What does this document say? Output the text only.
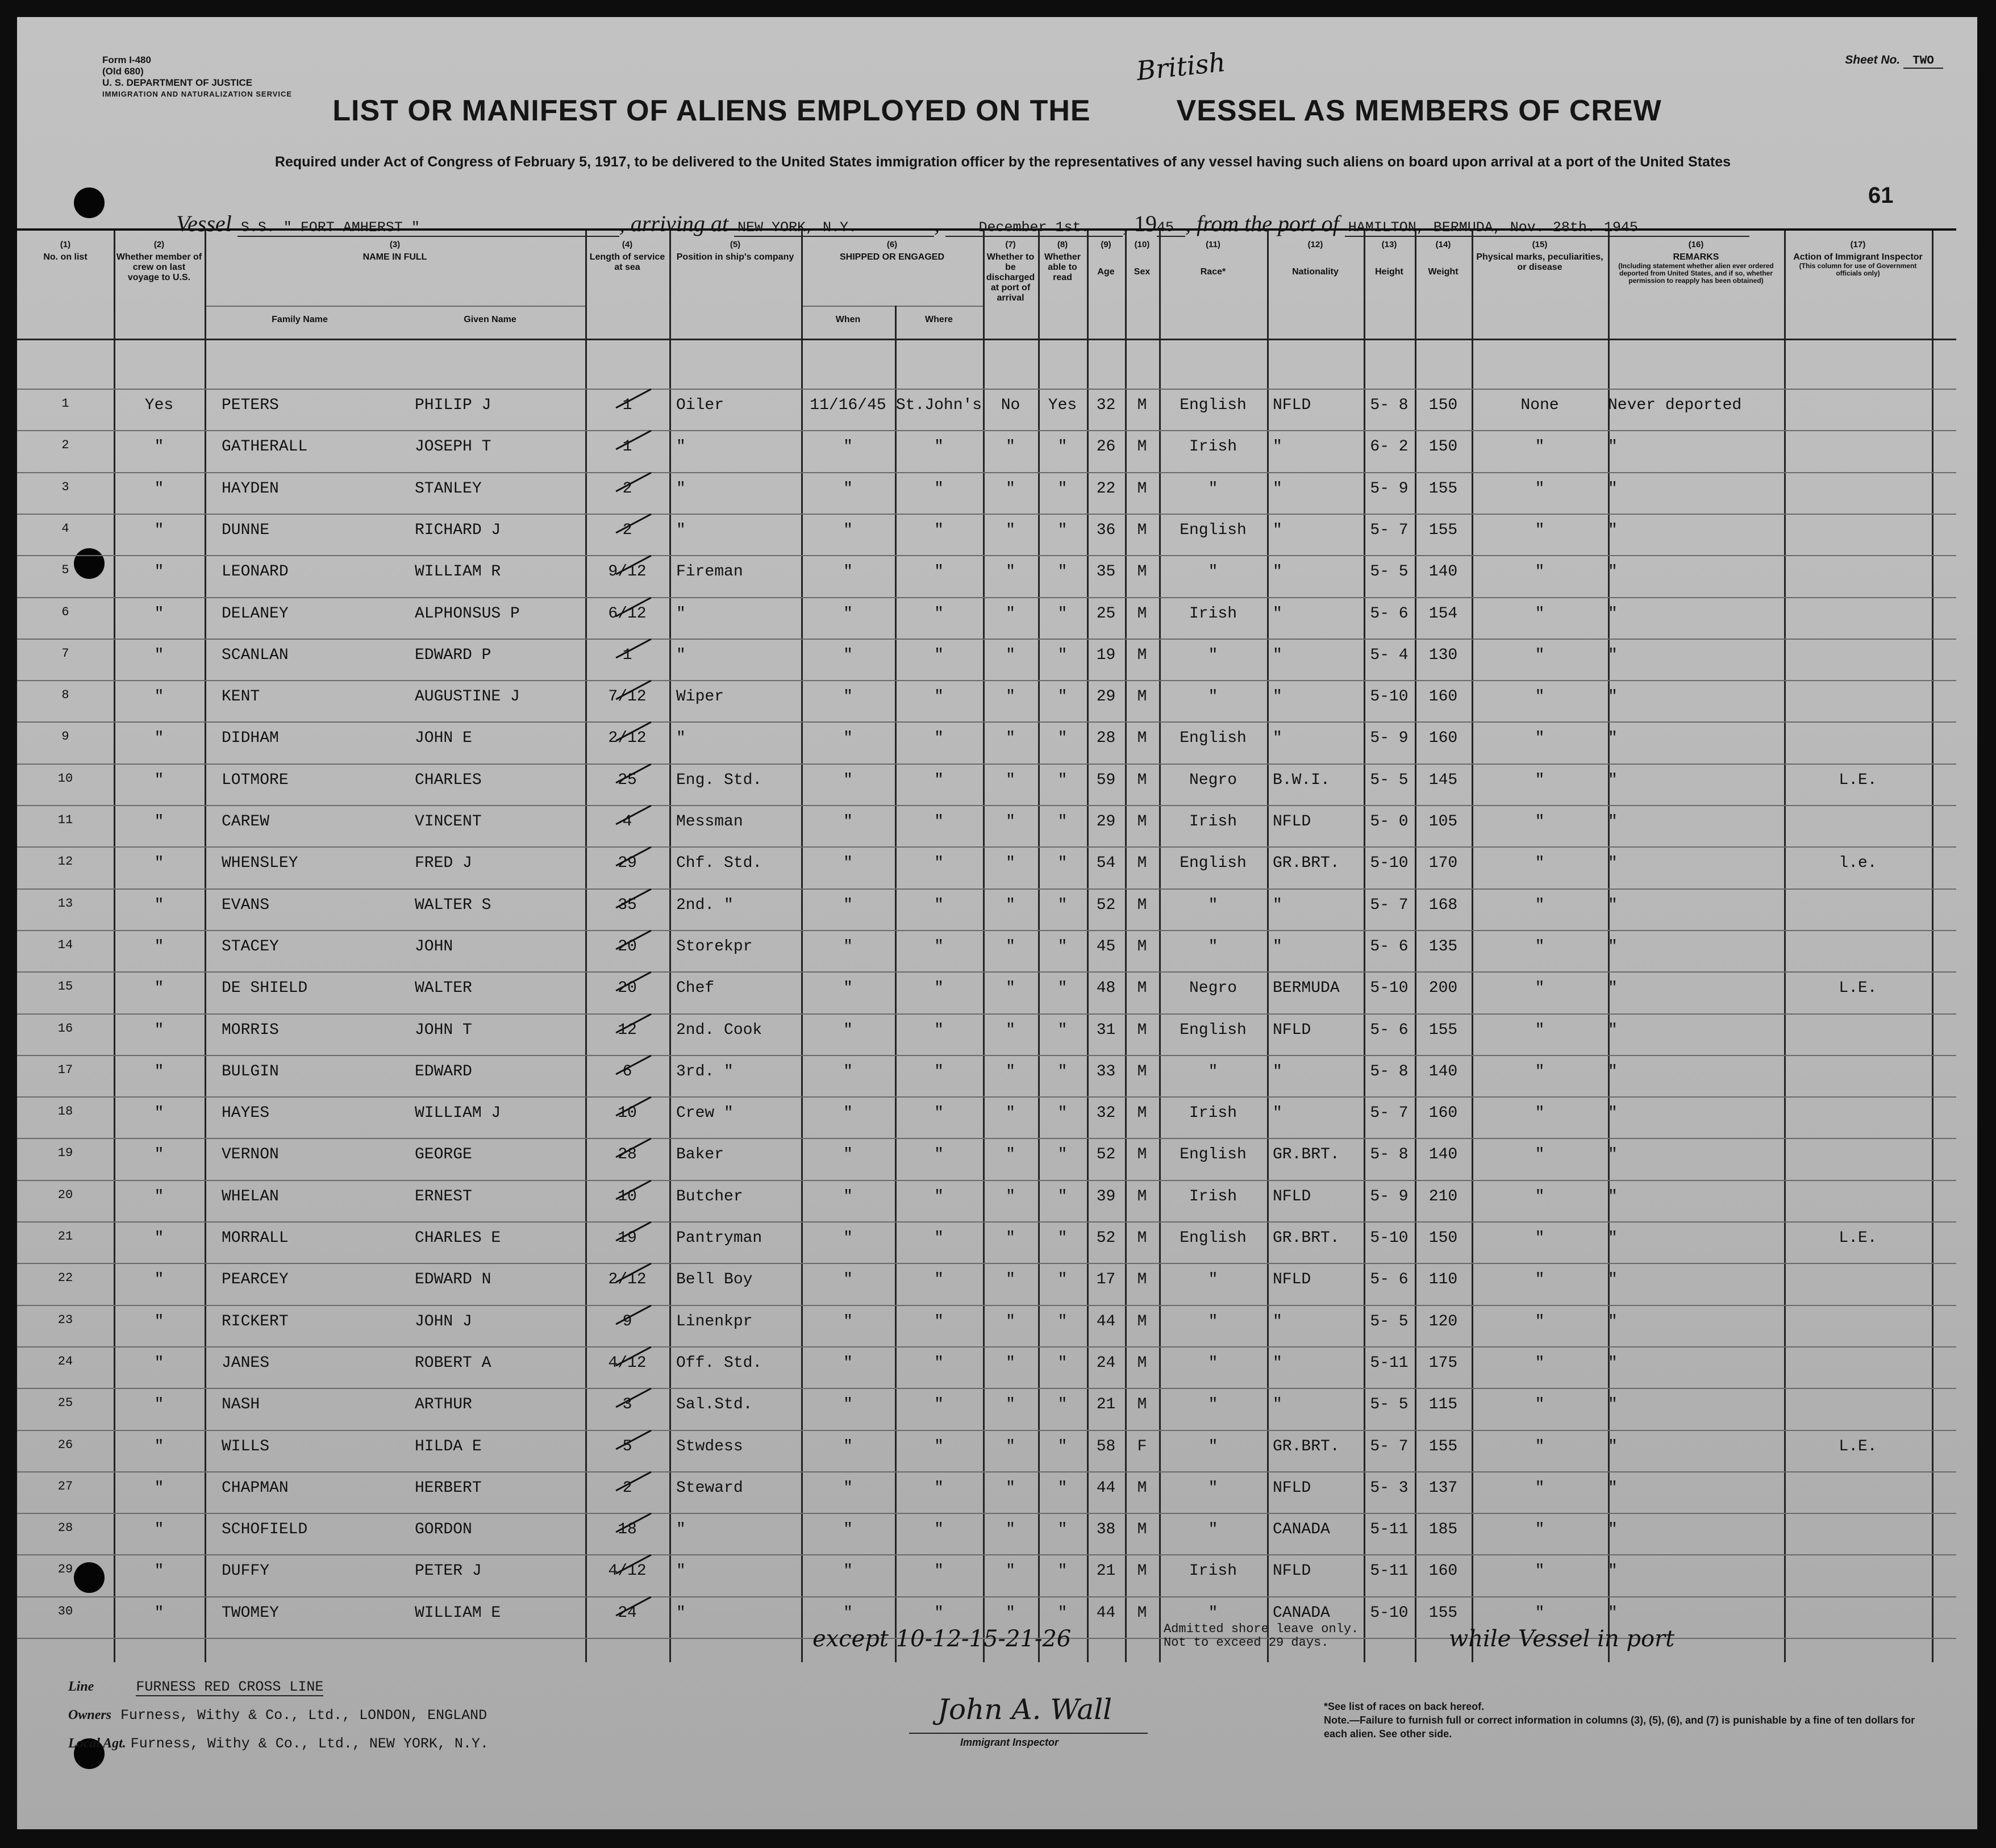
Form I-480
(Old 680)
U. S. DEPARTMENT OF JUSTICE
IMMIGRATION AND NATURALIZATION SERVICE
Sheet No. TWO
LIST OR MANIFEST OF ALIENS EMPLOYED ON THE	VESSEL AS MEMBERS OF CREW
British
Required under Act of Congress of February 5, 1917, to be delivered to the United States immigration officer by the representatives of any vessel having such aliens on board upon arrival at a port of the United States
61
Vessel S.S. " FORT AMHERST "	, arriving at NEW YORK, N.Y.	, December 1st. , 1945 , from the port of HAMILTON, BERMUDA, Nov. 28th. 1945
(1)
No. on list
(2)
Whether member of crew on last voyage to U.S.
(3)
NAME IN FULL
(4)
Length of service at sea
(5)
Position in ship's company
(6)
SHIPPED OR ENGAGED
(7)
Whether to be discharged at port of arrival
(8)
Whether able to read
(9)
Age
(10)
Sex
(11)
Race*
(12)
Nationality
(13)
Height
(14)
Weight
(15)
Physical marks, peculiarities, or disease
(16)
REMARKS
(Including statement whether alien ever ordered deported from United States, and if so, whether permission to reapply has been obtained)
(17)
Action of Immigrant Inspector
(This column for use of Government officials only)
Family Name	Given Name	When	Where
1	Yes	PETERS	PHILIP J	1	Oiler	11/16/45 St.John's	No	Yes	32	M	English	NFLD	5- 8	150	None	Never deported
2	"	GATHERALL	JOSEPH T	1	"	"	"	"	"	26	M	Irish	"	6- 2	150	"	"
3	"	HAYDEN	STANLEY	2	"	"	"	"	"	22	M	"	"	5- 9	155	"	"
4	"	DUNNE	RICHARD J	2	"	"	"	"	"	36	M	English	"	5- 7	155	"	"
5	"	LEONARD	WILLIAM R	9/12	Fireman	"	"	"	"	35	M	"	"	5- 5	140	"	"
6	"	DELANEY	ALPHONSUS P	6/12	"	"	"	"	"	25	M	Irish	"	5- 6	154	"	"
7	"	SCANLAN	EDWARD P	1	"	"	"	"	"	19	M	"	"	5- 4	130	"	"
8	"	KENT	AUGUSTINE J	7/12	Wiper	"	"	"	"	29	M	"	"	5-10	160	"	"
9	"	DIDHAM	JOHN E	2/12	"	"	"	"	"	28	M	English	"	5- 9	160	"	"
10	"	LOTMORE	CHARLES	25	Eng. Std.	"	"	"	"	59	M	Negro	B.W.I.	5- 5	145	"	"	L.E.
11	"	CAREW	VINCENT	4	Messman	"	"	"	"	29	M	Irish	NFLD	5- 0	105	"	"
12	"	WHENSLEY	FRED J	29	Chf. Std.	"	"	"	"	54	M	English	GR.BRT.	5-10	170	"	"	l.e.
13	"	EVANS	WALTER S	35	2nd. "	"	"	"	"	52	M	"	"	5- 7	168	"	"
14	"	STACEY	JOHN	20	Storekpr	"	"	"	"	45	M	"	"	5- 6	135	"	"
15	"	DE SHIELD	WALTER	20	Chef	"	"	"	"	48	M	Negro	BERMUDA	5-10	200	"	"	L.E.
16	"	MORRIS	JOHN T	12	2nd. Cook	"	"	"	"	31	M	English	NFLD	5- 6	155	"	"
17	"	BULGIN	EDWARD	6	3rd. "	"	"	"	"	33	M	"	"	5- 8	140	"	"
18	"	HAYES	WILLIAM J	10	Crew "	"	"	"	"	32	M	Irish	"	5- 7	160	"	"
19	"	VERNON	GEORGE	28	Baker	"	"	"	"	52	M	English	GR.BRT.	5- 8	140	"	"
20	"	WHELAN	ERNEST	10	Butcher	"	"	"	"	39	M	Irish	NFLD	5- 9	210	"	"
21	"	MORRALL	CHARLES E	19	Pantryman	"	"	"	"	52	M	English	GR.BRT.	5-10	150	"	"	L.E.
22	"	PEARCEY	EDWARD N	2/12	Bell Boy	"	"	"	"	17	M	"	NFLD	5- 6	110	"	"
23	"	RICKERT	JOHN J	9	Linenkpr	"	"	"	"	44	M	"	"	5- 5	120	"	"
24	"	JANES	ROBERT A	4/12	Off. Std.	"	"	"	"	24	M	"	"	5-11	175	"	"
25	"	NASH	ARTHUR	3	Sal.Std.	"	"	"	"	21	M	"	"	5- 5	115	"	"
26	"	WILLS	HILDA E	5	Stwdess	"	"	"	"	58	F	"	GR.BRT.	5- 7	155	"	"	L.E.
27	"	CHAPMAN	HERBERT	2	Steward	"	"	"	"	44	M	"	NFLD	5- 3	137	"	"
28	"	SCHOFIELD	GORDON	18	"	"	"	"	"	38	M	"	CANADA	5-11	185	"	"
29	"	DUFFY	PETER J	4/12	"	"	"	"	"	21	M	Irish	NFLD	5-11	160	"	"
30	"	TWOMEY	WILLIAM E	24	"	"	"	"	"	44	M	"	CANADA	5-10	155	"	"
except 10-12-15-21-26	Admitted shore leave only.
Not to exceed 29 days.	while Vessel in port
Line	FURNESS RED CROSS LINE
Owners Furness, Withy & Co., Ltd., LONDON, ENGLAND
Local Agt. Furness, Withy & Co., Ltd., NEW YORK, N.Y.
John A. Wall
Immigrant Inspector
*See list of races on back hereof.
Note.—Failure to furnish full or correct information in columns (3), (5), (6), and (7) is punishable by a fine of ten dollars for each alien. See other side.
